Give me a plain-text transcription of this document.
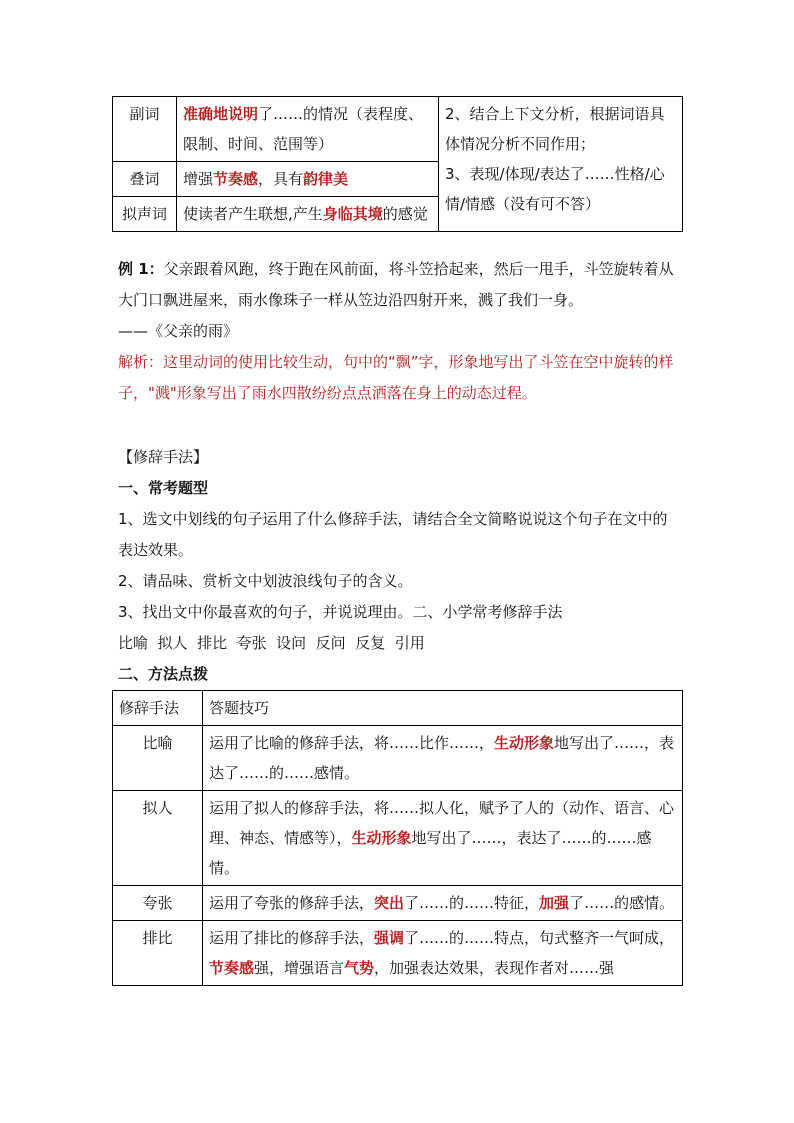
副词	准确地说明了……的情况（表程度、限制、时间、范围等）	2、结合上下文分析，根据词语具体情况分析不同作用；
3、表现/体现/表达了……性格/心情/情感（没有可不答）

叠词	增强节奏感，具有韵律美	
拟声词	使读者产生联想,产生身临其境的感觉	
例 1：父亲跟着风跑，终于跑在风前面，将斗笠拾起来，然后一甩手，斗笠旋转着从大门口飘进屋来，雨水像珠子一样从笠边沿四射开来，溅了我们一身。
——《父亲的雨》
解析：这里动词的使用比较生动，句中的“飘”字，形象地写出了斗笠在空中旋转的样子，"溅"形象写出了雨水四散纷纷点点洒落在身上的动态过程。
【修辞手法】
一、常考题型
1、选文中划线的句子运用了什么修辞手法，请结合全文简略说说这个句子在文中的表达效果。
2、请品味、赏析文中划波浪线句子的含义。
3、找出文中你最喜欢的句子，并说说理由。二、小学常考修辞手法
比喻  拟人  排比  夸张  设问  反问  反复  引用
二、方法点拨
修辞手法	答题技巧
比喻	运用了比喻的修辞手法，将……比作……，生动形象地写出了……，表达了……的……感情。
拟人	运用了拟人的修辞手法，将……拟人化，赋予了人的（动作、语言、心理、神态、情感等），生动形象地写出了……，表达了……的……感情。
夸张	运用了夸张的修辞手法，突出了……的……特征，加强了……的感情。
排比	运用了排比的修辞手法，强调了……的……特点，句式整齐一气呵成，节奏感强，增强语言气势，加强表达效果，表现作者对……强
